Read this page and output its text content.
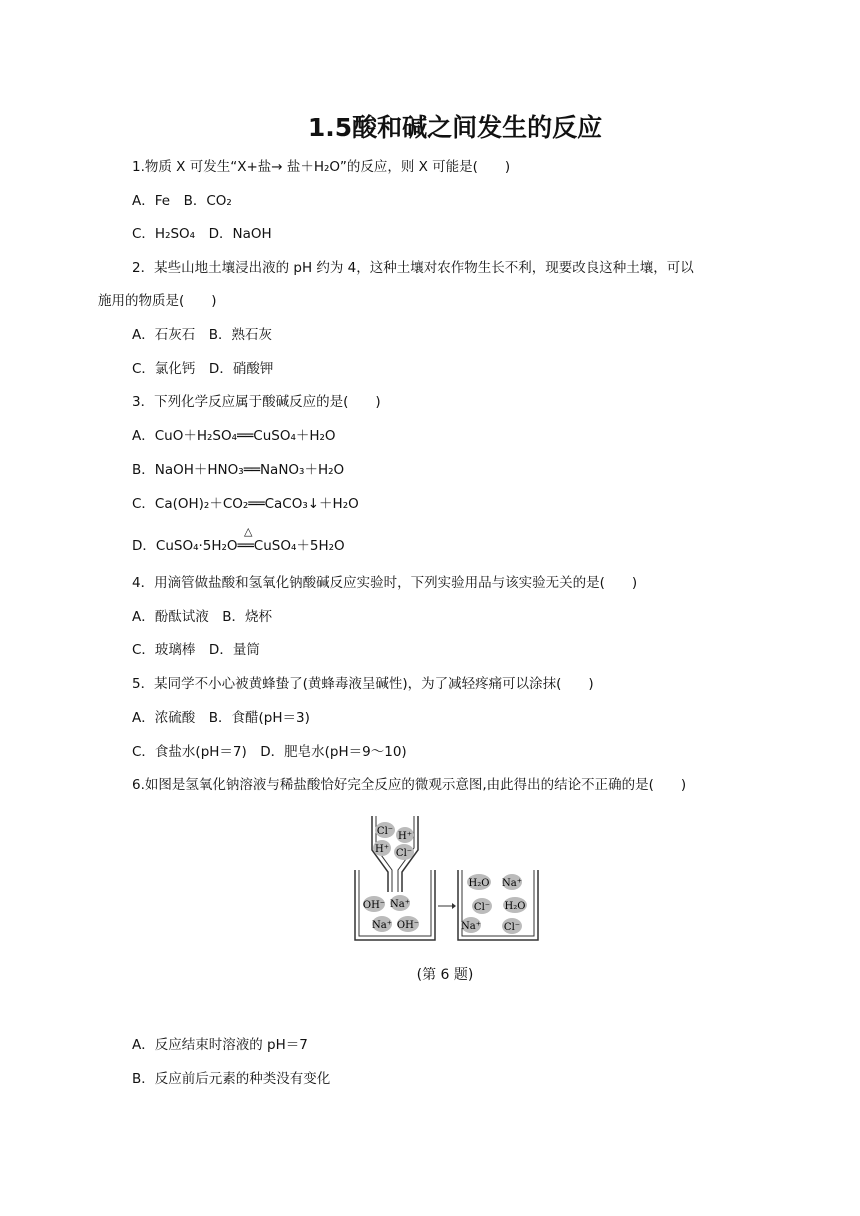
1.5酸和碱之间发生的反应
1.物质 X 可发生“X+盐→ 盐＋H₂O”的反应，则 X 可能是(　　)
A．Fe　B．CO₂
C．H₂SO₄　D．NaOH
2．某些山地土壤浸出液的 pH 约为 4，这种土壤对农作物生长不利，现要改良这种土壤，可以
施用的物质是(　　)
A．石灰石　B．熟石灰
C．氯化钙　D．硝酸钾
3．下列化学反应属于酸碱反应的是(　　)
A．CuO＋H₂SO₄══CuSO₄＋H₂O
B．NaOH＋HNO₃══NaNO₃＋H₂O
C．Ca(OH)₂＋CO₂══CaCO₃↓＋H₂O
D．CuSO₄·5H₂O══CuSO₄＋5H₂O
△
4．用滴管做盐酸和氢氧化钠酸碱反应实验时，下列实验用品与该实验无关的是(　　)
A．酚酞试液　B．烧杯
C．玻璃棒　D．量筒
5．某同学不小心被黄蜂蛰了(黄蜂毒液呈碱性)，为了减轻疼痛可以涂抹(　　)
A．浓硫酸　B．食醋(pH＝3)
C．食盐水(pH＝7)　D．肥皂水(pH＝9～10)
6.如图是氢氧化钠溶液与稀盐酸恰好完全反应的微观示意图,由此得出的结论不正确的是(　　)
Cl⁻ H⁺
H⁺ Cl⁻
OH⁻ Na⁺
Na⁺ OH⁻
H₂O Na⁺
Cl⁻ H₂O
Na⁺ Cl⁻
(第 6 题)
A．反应结束时溶液的 pH＝7
B．反应前后元素的种类没有变化
